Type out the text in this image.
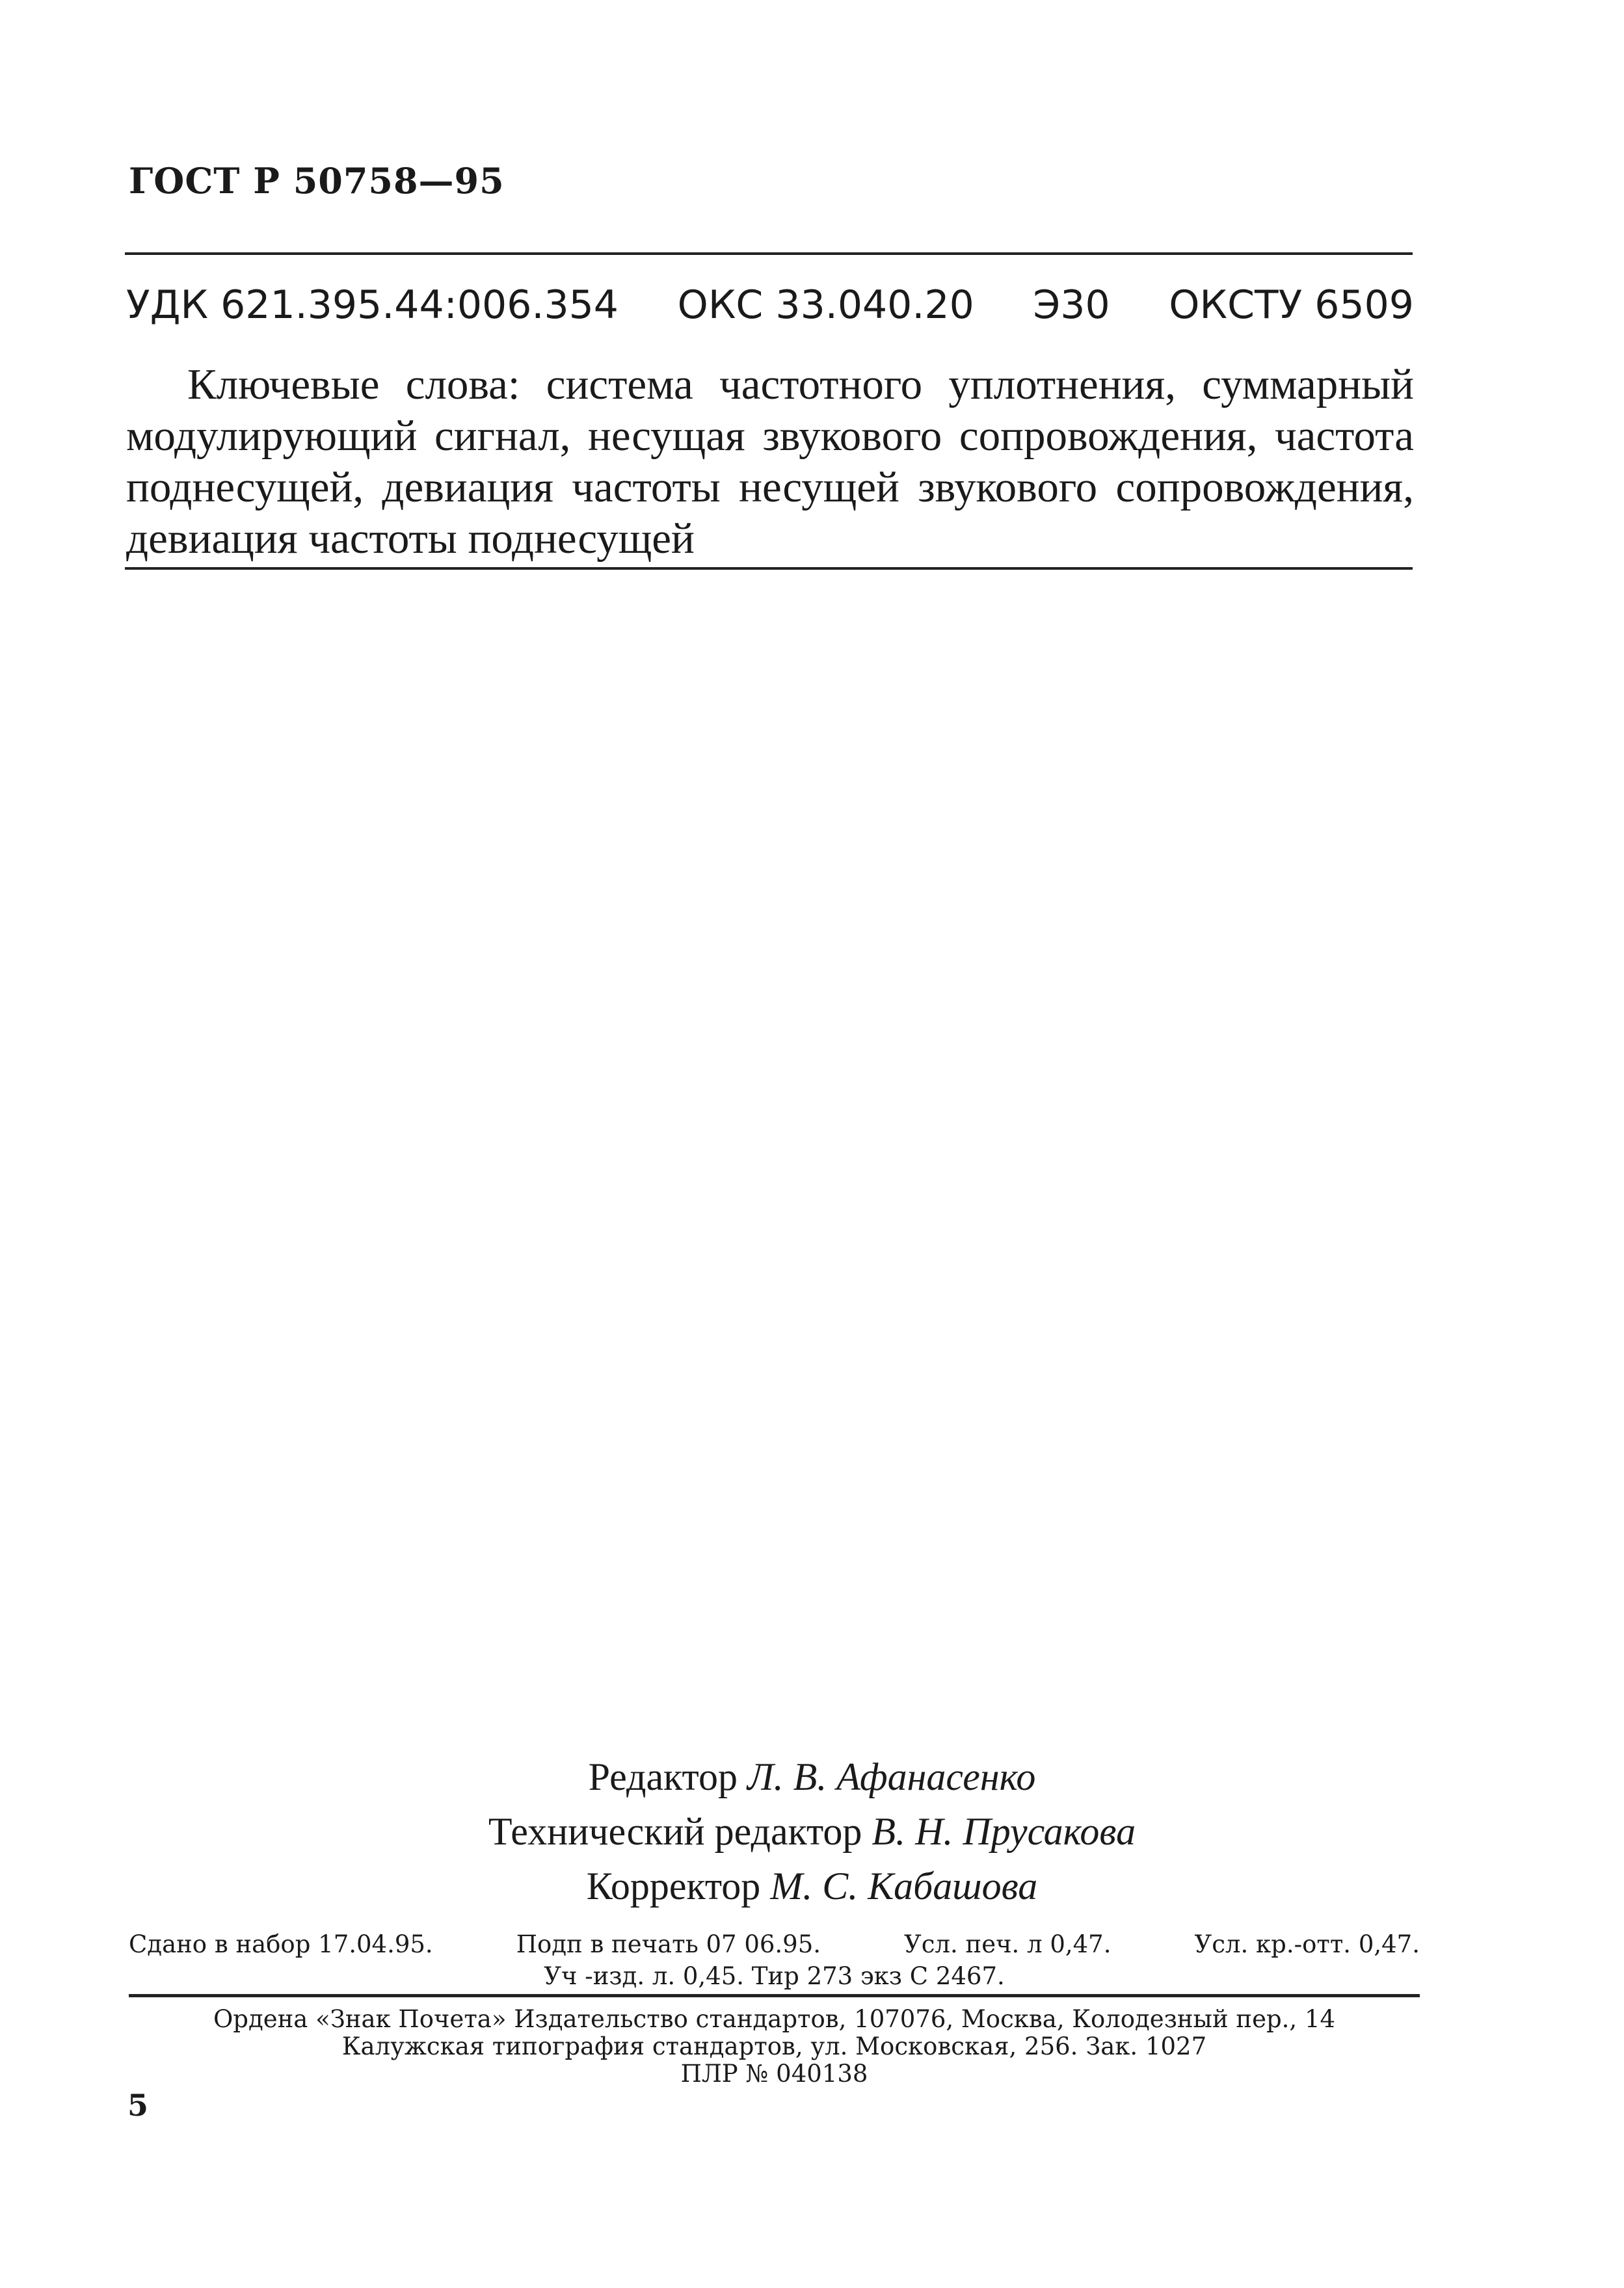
ГОСТ Р 50758—95
УДК 621.395.44:006.354 ОКС 33.040.20 Э30 ОКСТУ 6509

Ключевые слова: система частотного уплотнения, суммарный модулирующий сигнал, несущая звукового сопровождения, частота поднесущей, девиация частоты несущей звукового сопровождения, девиация частоты поднесущей

Редактор Л. В. Афанасенко
Технический редактор В. Н. Прусакова
Корректор М. С. Кабашова
Сдано в набор 17.04.95.	Подп в печать 07 06.95.	Усл. печ. л 0,47.	Усл. кр.-отт. 0,47.
Уч -изд. л. 0,45. Тир 273 экз С 2467.
Ордена «Знак Почета» Издательство стандартов, 107076, Москва, Колодезный пер., 14
Калужская типография стандартов, ул. Московская, 256. Зак. 1027
ПЛР № 040138
5
